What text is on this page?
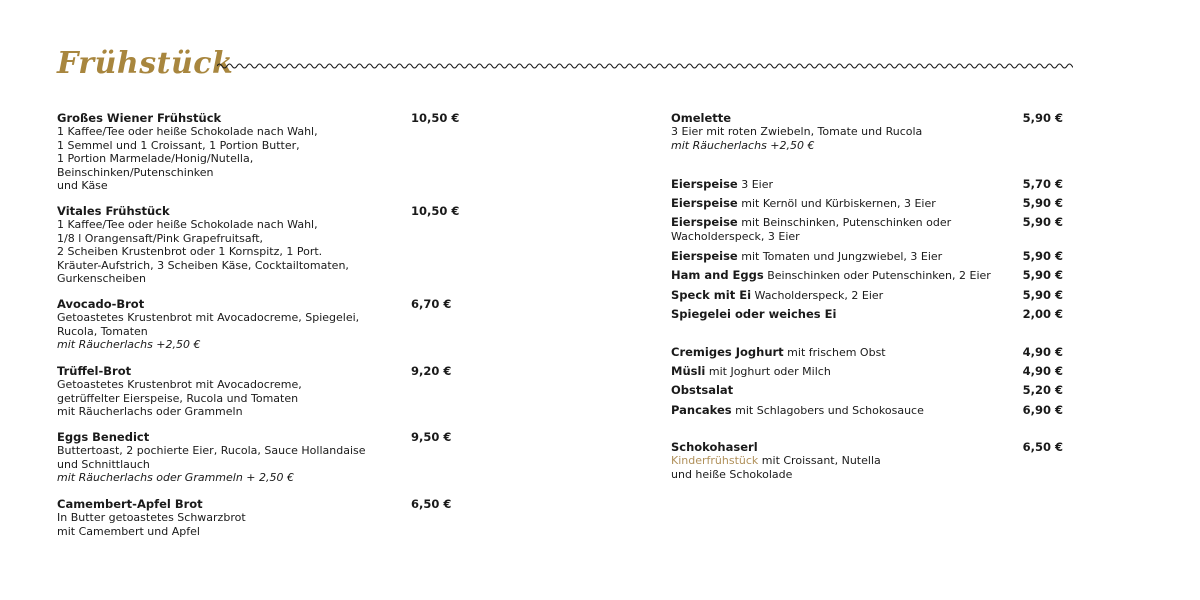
Frühstück
Großes Wiener Frühstück	10,50 €
1 Kaffee/Tee oder heiße Schokolade nach Wahl,
1 Semmel und 1 Croissant, 1 Portion Butter,
1 Portion Marmelade/Honig/Nutella,
Beinschinken/Putenschinken
und Käse
Vitales Frühstück	10,50 €
1 Kaffee/Tee oder heiße Schokolade nach Wahl,
1/8 l Orangensaft/Pink Grapefruitsaft,
2 Scheiben Krustenbrot oder 1 Kornspitz, 1 Port.
Kräuter-Aufstrich, 3 Scheiben Käse, Cocktailtomaten,
Gurkenscheiben
Avocado-Brot	6,70 €
Getoastetes Krustenbrot mit Avocadocreme, Spiegelei,
Rucola, Tomaten
mit Räucherlachs +2,50 €
Trüffel-Brot	9,20 €
Getoastetes Krustenbrot mit Avocadocreme,
getrüffelter Eierspeise, Rucola und Tomaten
mit Räucherlachs oder Grammeln
Eggs Benedict	9,50 €
Buttertoast, 2 pochierte Eier, Rucola, Sauce Hollandaise
und Schnittlauch
mit Räucherlachs oder Grammeln + 2,50 €
Camembert-Apfel Brot	6,50 €
In Butter getoastetes Schwarzbrot
mit Camembert und Apfel
Omelette	5,90 €
3 Eier mit roten Zwiebeln, Tomate und Rucola
mit Räucherlachs +2,50 €
Eierspeise 3 Eier	5,70 €
Eierspeise mit Kernöl und Kürbiskernen, 3 Eier	5,90 €
Eierspeise mit Beinschinken, Putenschinken oder
Wacholderspeck, 3 Eier
5,90 €
Eierspeise mit Tomaten und Jungzwiebel, 3 Eier	5,90 €
Ham and Eggs Beinschinken oder Putenschinken, 2 Eier	5,90 €
Speck mit Ei Wacholderspeck, 2 Eier	5,90 €
Spiegelei oder weiches Ei	2,00 €
Cremiges Joghurt mit frischem Obst	4,90 €
Müsli mit Joghurt oder Milch	4,90 €
Obstsalat	5,20 €
Pancakes mit Schlagobers und Schokosauce	6,90 €
Schokohaserl	6,50 €
Kinderfrühstück mit Croissant, Nutella
und heiße Schokolade
